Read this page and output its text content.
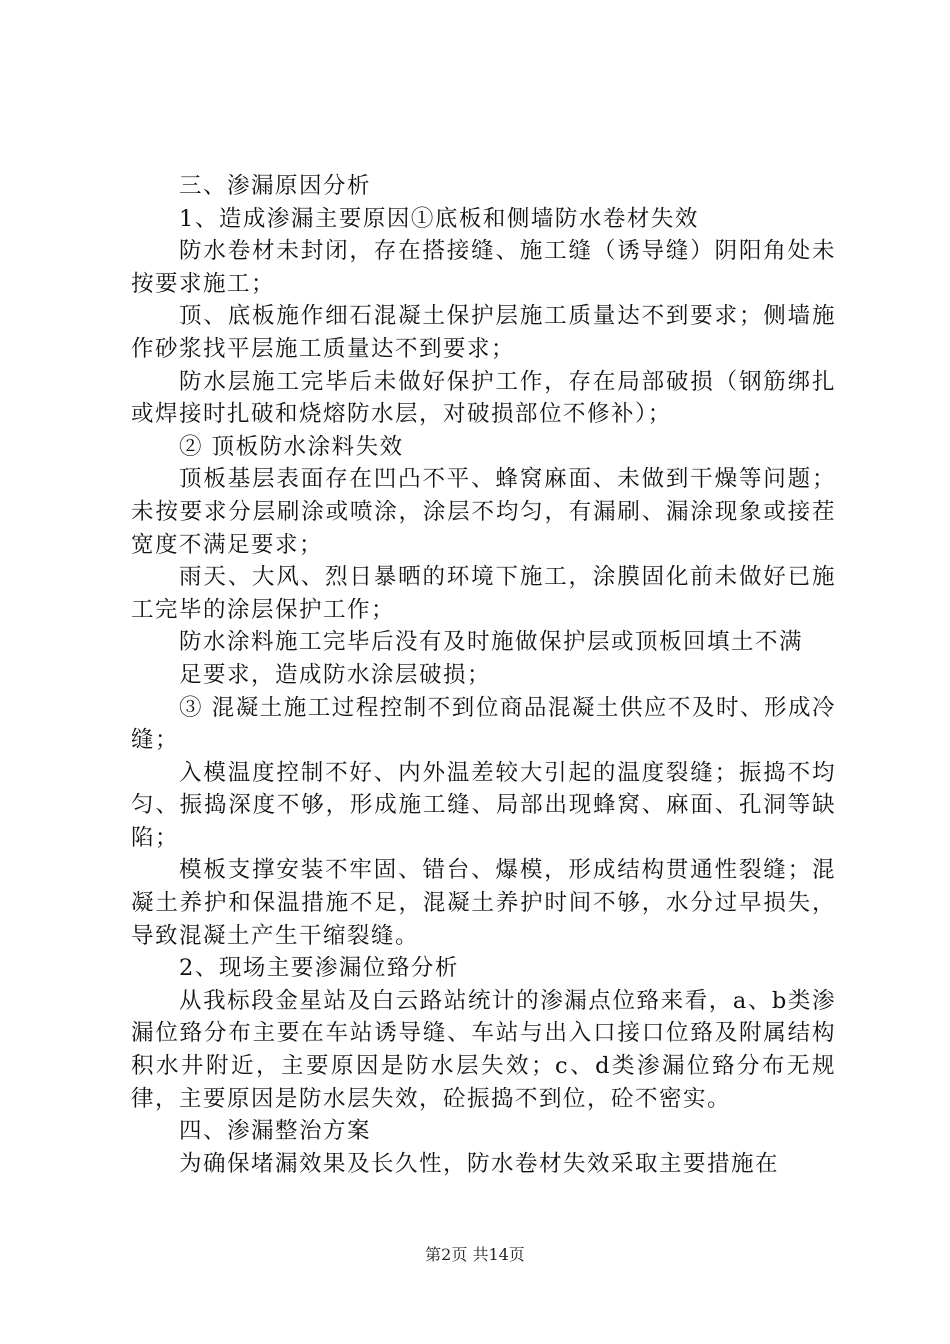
三、渗漏原因分析

1、造成渗漏主要原因①底板和侧墙防水卷材失效

防水卷材未封闭，存在搭接缝、施工缝（诱导缝）阴阳角处未按要求施工；

顶、底板施作细石混凝土保护层施工质量达不到要求；侧墙施作砂浆找平层施工质量达不到要求；

防水层施工完毕后未做好保护工作，存在局部破损（钢筋绑扎或焊接时扎破和烧熔防水层，对破损部位不修补）；

② 顶板防水涂料失效

顶板基层表面存在凹凸不平、蜂窝麻面、未做到干燥等问题；未按要求分层刷涂或喷涂，涂层不均匀，有漏刷、漏涂现象或接茬宽度不满足要求；

雨天、大风、烈日暴晒的环境下施工，涂膜固化前未做好已施工完毕的涂层保护工作；

防水涂料施工完毕后没有及时施做保护层或顶板回填土不满

足要求，造成防水涂层破损；

③ 混凝土施工过程控制不到位商品混凝土供应不及时、形成冷缝；

入模温度控制不好、内外温差较大引起的温度裂缝；振捣不均匀、振捣深度不够，形成施工缝、局部出现蜂窝、麻面、孔洞等缺陷；

模板支撑安装不牢固、错台、爆模，形成结构贯通性裂缝；混凝土养护和保温措施不足，混凝土养护时间不够，水分过早损失，导致混凝土产生干缩裂缝。

2、现场主要渗漏位臵分析

从我标段金星站及白云路站统计的渗漏点位臵来看，a、b类渗漏位臵分布主要在车站诱导缝、车站与出入口接口位臵及附属结构积水井附近，主要原因是防水层失效；c、d类渗漏位臵分布无规律，主要原因是防水层失效，砼振捣不到位，砼不密实。

四、渗漏整治方案

为确保堵漏效果及长久性，防水卷材失效采取主要措施在

第2页 共14页
